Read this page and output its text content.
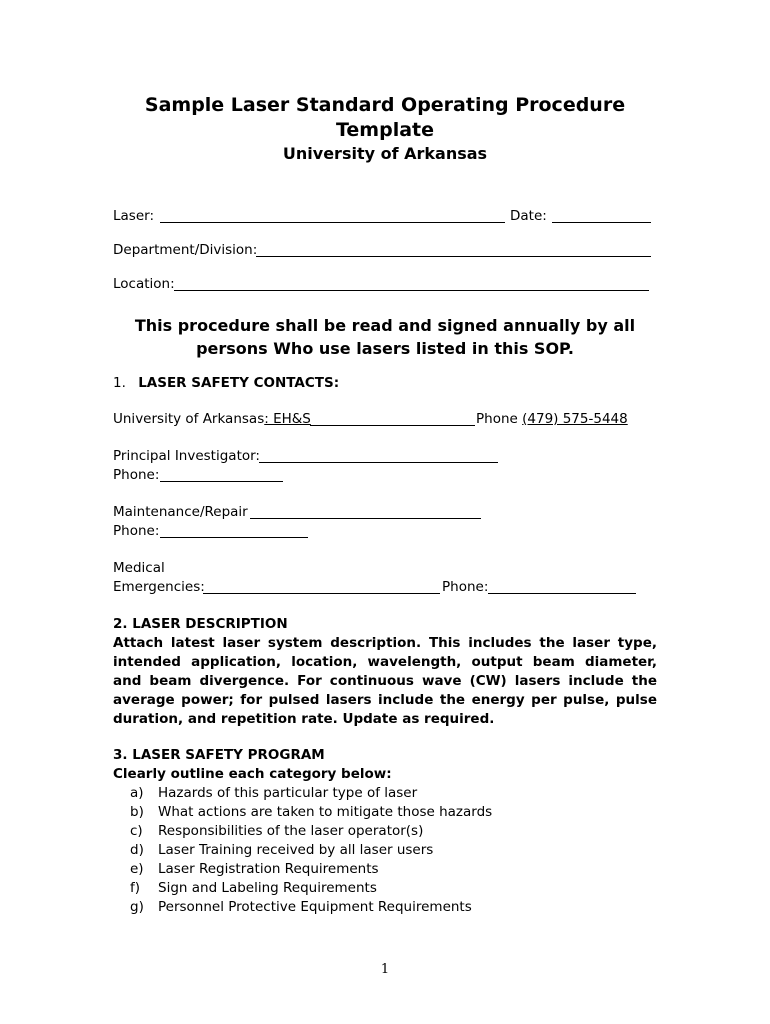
Sample Laser Standard Operating Procedure
Template
University of Arkansas
Laser:	Date:
Department/Division:
Location:
This procedure shall be read and signed annually by all
persons Who use lasers listed in this SOP.
1. LASER SAFETY CONTACTS:
University of Arkansas: EH&S	Phone (479) 575-5448
Principal Investigator:
Phone:
Maintenance/Repair
Phone:
Medical
Emergencies:	Phone:
2. LASER DESCRIPTION
Attach latest laser system description. This includes the laser type, intended application, location, wavelength, output beam diameter, and beam divergence. For continuous wave (CW) lasers include the average power; for pulsed lasers include the energy per pulse, pulse duration, and repetition rate. Update as required.
3. LASER SAFETY PROGRAM
Clearly outline each category below:
a) Hazards of this particular type of laser
b) What actions are taken to mitigate those hazards
c) Responsibilities of the laser operator(s)
d) Laser Training received by all laser users
e) Laser Registration Requirements
f) Sign and Labeling Requirements
g) Personnel Protective Equipment Requirements
1
